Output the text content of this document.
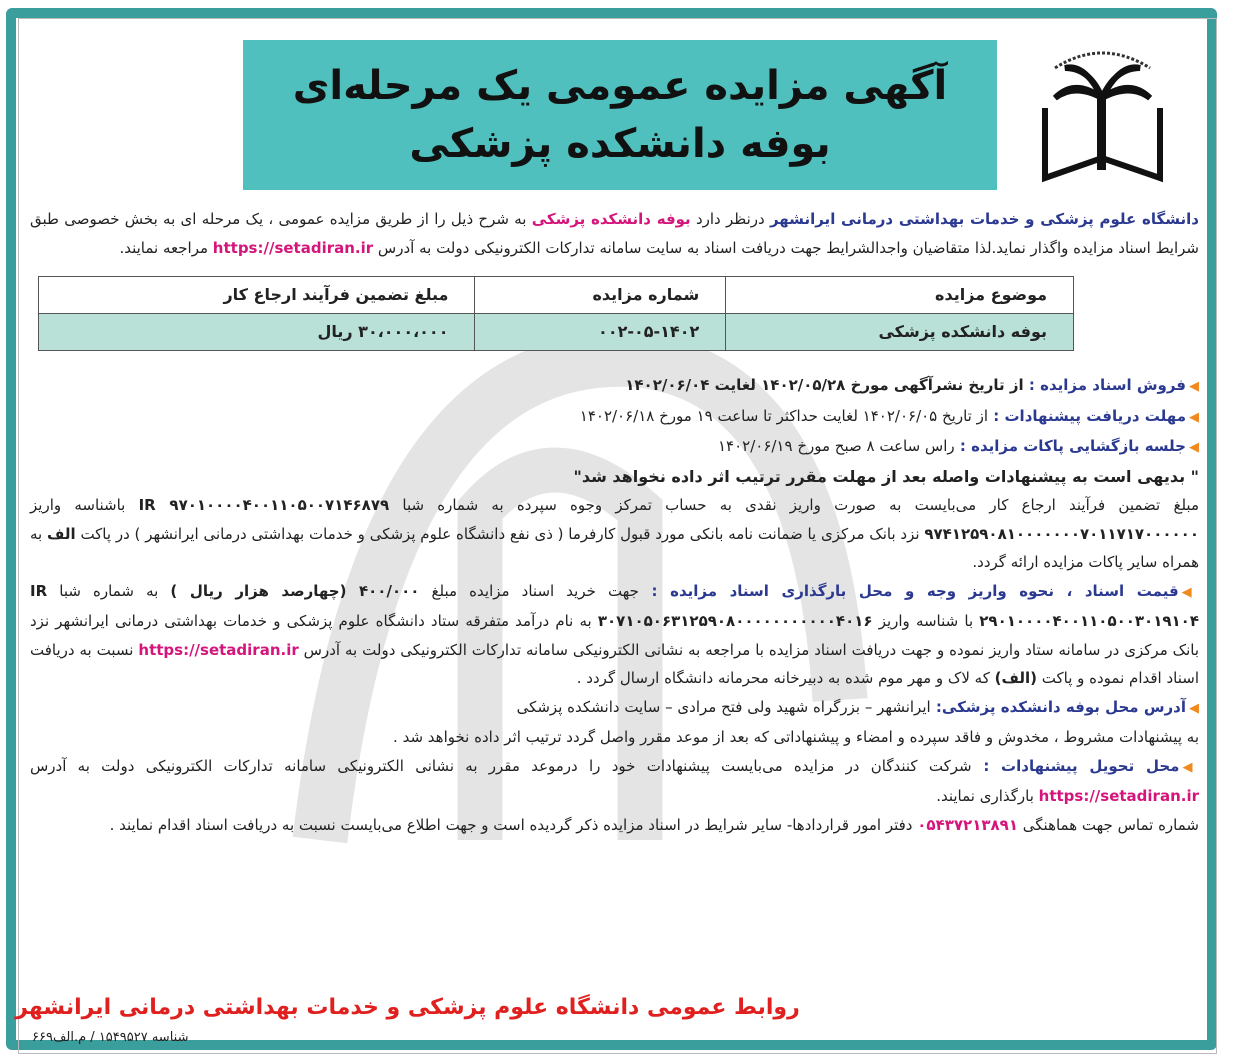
آگهی مزایده عمومی یک مرحله‌ای
بوفه دانشکده پزشکی
دانشگاه علوم پزشکی و خدمات بهداشتی درمانی ایرانشهر درنظر دارد بوفه دانشکده پزشکی به شرح ذیل را از طریق مزایده عمومی ، یک مرحله ای به بخش خصوصی طبق شرایط اسناد مزایده واگذار نماید.لذا متقاضیان واجدالشرایط جهت دریافت اسناد به سایت سامانه تدارکات الکترونیکی دولت به آدرس https://setadiran.ir مراجعه نمایند.
موضوع مزایده	شماره مزایده	مبلغ تضمین فرآیند ارجاع کار
بوفه دانشکده پزشکی	۰۰۲-۰۵-۱۴۰۲	۳۰،۰۰۰،۰۰۰ ریال
◀فروش اسناد مزایده : از تاریخ نشرآگهی مورخ ۱۴۰۲/۰۵/۲۸ لغایت ۱۴۰۲/۰۶/۰۴
◀مهلت دریافت پیشنهادات : از تاریخ ۱۴۰۲/۰۶/۰۵ لغایت حداکثر تا ساعت ۱۹ مورخ ۱۴۰۲/۰۶/۱۸
◀جلسه بازگشایی پاکات مزایده : راس ساعت ۸ صبح مورخ ۱۴۰۲/۰۶/۱۹
" بدیهی است به پیشنهادات واصله بعد از مهلت مقرر ترتیب اثر داده نخواهد شد"
مبلغ تضمین فرآیند ارجاع کار می‌بایست به صورت واریز نقدی به حساب تمرکز وجوه سپرده به شماره شبا IR ۹۷۰۱۰۰۰۰۴۰۰۱۱۰۵۰۰۷۱۴۶۸۷۹ باشناسه واریز ۹۷۴۱۲۵۹۰۸۱۰۰۰۰۰۰۰۷۰۱۱۷۱۷۰۰۰۰۰۰ نزد بانک مرکزی یا ضمانت نامه بانکی مورد قبول کارفرما ( ذی نفع دانشگاه علوم پزشکی و خدمات بهداشتی درمانی ایرانشهر ) در پاکت الف به همراه سایر پاکات مزایده ارائه گردد.
◀قیمت اسناد ، نحوه واریز وجه و محل بارگذاری اسناد مزایده : جهت خرید اسناد مزایده مبلغ ۴۰۰/۰۰۰ (چهارصد هزار ریال ) به شماره شبا IR ۲۹۰۱۰۰۰۰۴۰۰۱۱۰۵۰۰۳۰۱۹۱۰۴ با شناسه واریز ۳۰۷۱۰۵۰۶۳۱۲۵۹۰۸۰۰۰۰۰۰۰۰۰۰۰۴۰۱۶ به نام درآمد متفرقه ستاد دانشگاه علوم پزشکی و خدمات بهداشتی درمانی ایرانشهر نزد بانک مرکزی در سامانه ستاد واریز نموده و جهت دریافت اسناد مزایده با مراجعه به نشانی الکترونیکی سامانه تدارکات الکترونیکی دولت به آدرس https://setadiran.ir نسبت به دریافت اسناد اقدام نموده و پاکت (الف) که لاک و مهر موم شده به دبیرخانه محرمانه دانشگاه ارسال گردد .
◀آدرس محل بوفه دانشکده پزشکی: ایرانشهر – بزرگراه شهید ولی فتح مرادی – سایت دانشکده پزشکی
به پیشنهادات مشروط ، مخدوش و فاقد سپرده و امضاء و پیشنهاداتی که بعد از موعد مقرر واصل گردد ترتیب اثر داده نخواهد شد .
◀محل تحویل پیشنهادات : شرکت کنندگان در مزایده می‌بایست پیشنهادات خود را درموعد مقرر به نشانی الکترونیکی سامانه تدارکات الکترونیکی دولت به آدرس https://setadiran.ir بارگذاری نمایند.
شماره تماس جهت هماهنگی ۰۵۴۳۷۲۱۳۸۹۱ دفتر امور قراردادها- سایر شرایط در اسناد مزایده ذکر گردیده است و جهت اطلاع می‌بایست نسبت به دریافت اسناد اقدام نمایند .
روابط عمومی دانشگاه علوم پزشکی و خدمات بهداشتی درمانی ایرانشهر
شناسه ۱۵۴۹۵۲۷ / م.الف۶۶۹
